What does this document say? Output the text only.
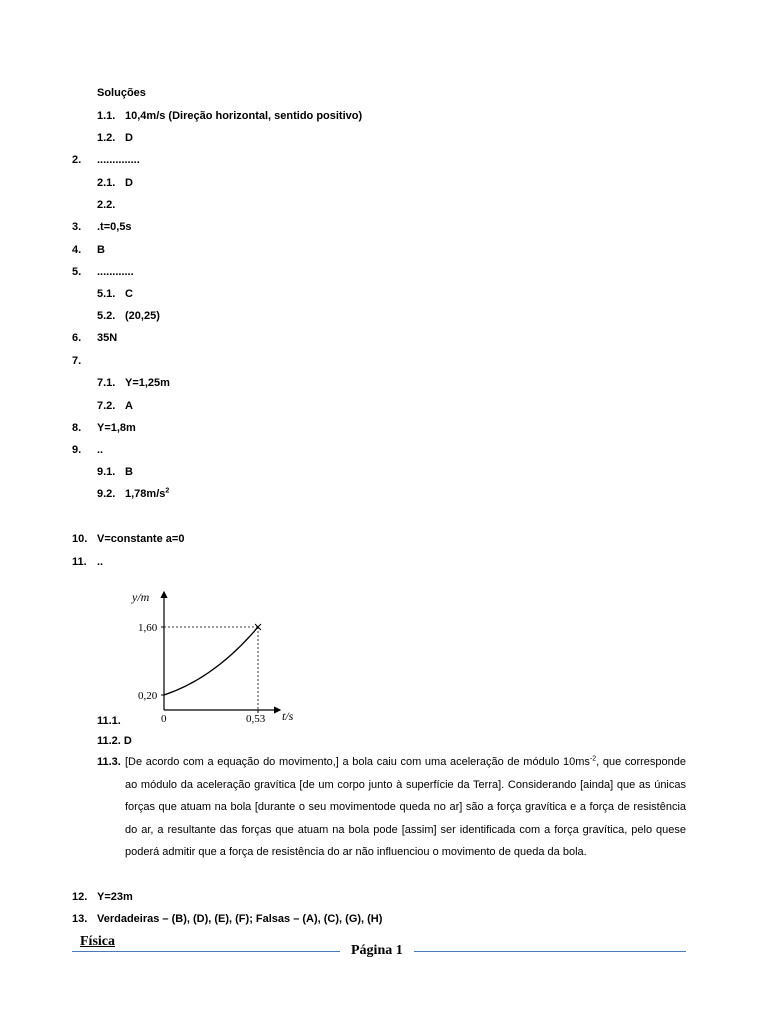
Soluções
1.1. 10,4m/s (Direção horizontal, sentido positivo)
1.2. D
2. ..............
2.1. D
2.2.
3. .t=0,5s
4. B
5. ............
5.1. C
5.2. (20,25)
6. 35N
7.
7.1. Y=1,25m
7.2. A
8. Y=1,8m
9. ..
9.1. B
9.2. $1,78m/s^2$
10. V=constante a=0
11. ..
y/m
1,60
0,20
0	0,53 t/s
11.1.
11.2. D
11.3. [De acordo com a equação do movimento,] a bola caiu com uma aceleração de módulo $10ms^{-2}$, que corresponde ao módulo da aceleração gravítica [de um corpo junto à superfície da Terra]. Considerando [ainda] que as únicas forças que atuam na bola [durante o seu movimentode queda no ar] são a força gravítica e a força de resistência do ar, a resultante das forças que atuam na bola pode [assim] ser identificada com a força gravítica, pelo quese poderá admitir que a força de resistência do ar não influenciou o movimento de queda da bola.
12. Y=23m
13. Verdadeiras – (B), (D), (E), (F); Falsas – (A), (C), (G), (H)
Física
Página 1
